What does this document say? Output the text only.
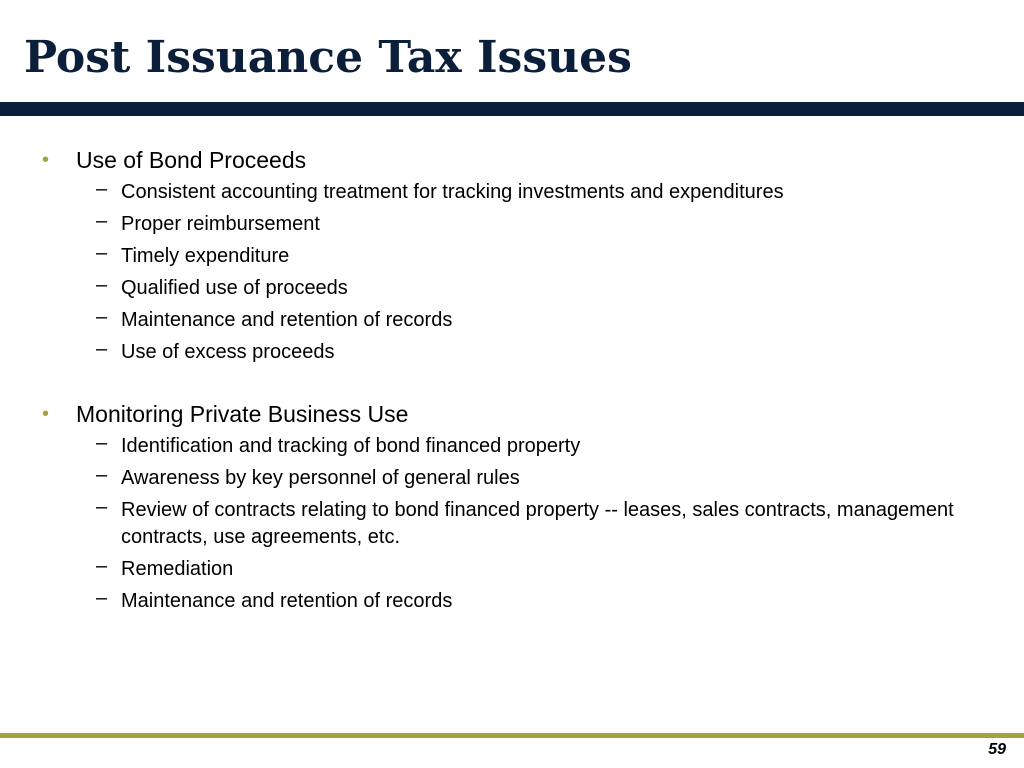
Post Issuance Tax Issues
• Use of Bond Proceeds
– Consistent accounting treatment for tracking investments and expenditures
– Proper reimbursement
– Timely expenditure
– Qualified use of proceeds
– Maintenance and retention of records
– Use of excess proceeds
• Monitoring Private Business Use
– Identification and tracking of bond financed property
– Awareness by key personnel of general rules
– Review of contracts relating to bond financed property -- leases, sales contracts, management contracts, use agreements, etc.
– Remediation
– Maintenance and retention of records
59
